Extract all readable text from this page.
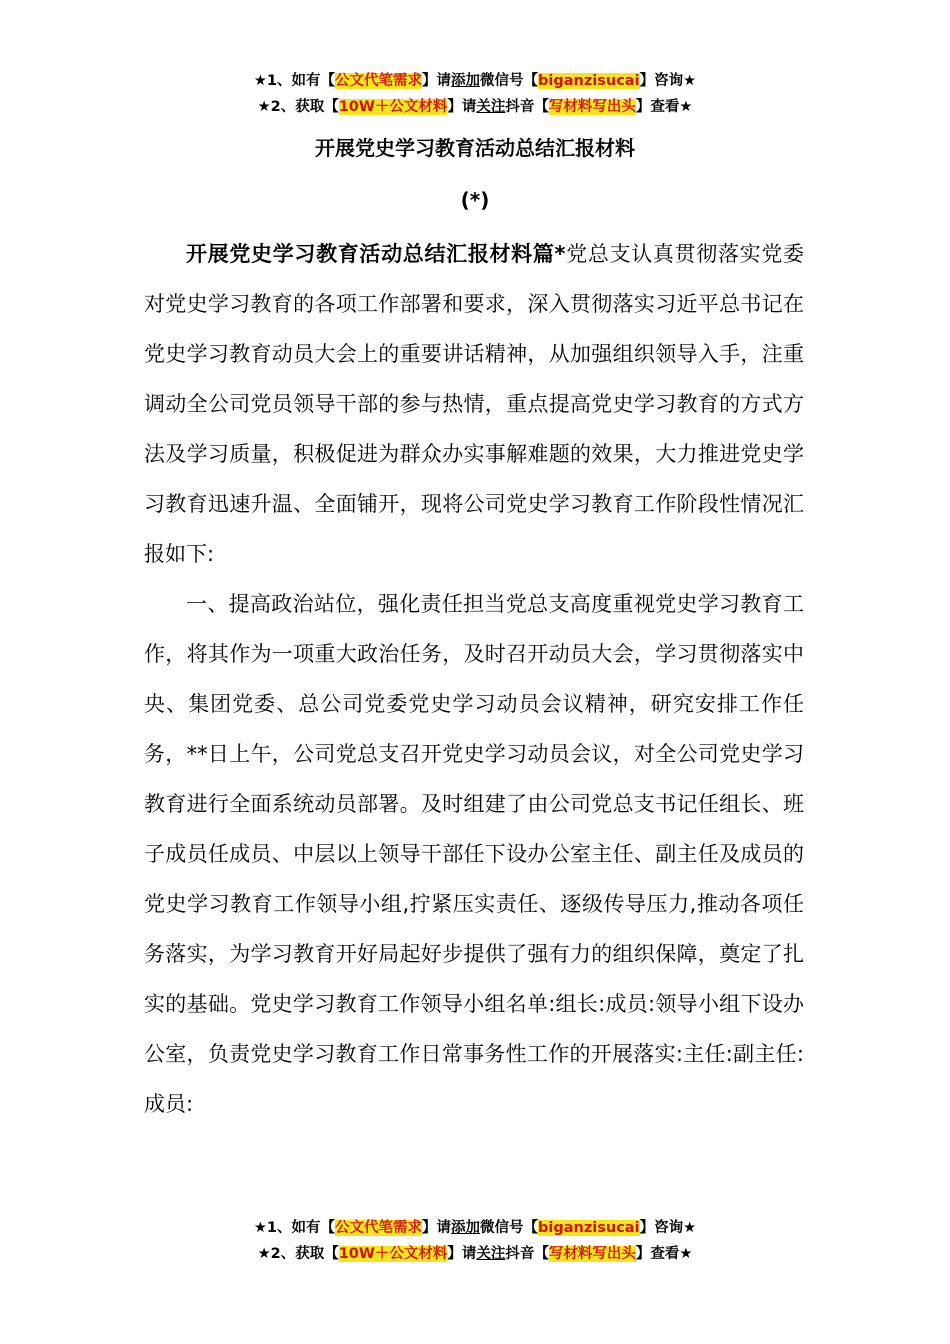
★1、如有【公文代笔需求】请添加微信号【biganzisucai】咨询★
★2、获取【10W＋公文材料】请关注抖音【写材料写出头】查看★
开展党史学习教育活动总结汇报材料
(*)

开展党史学习教育活动总结汇报材料篇*党总支认真贯彻落实党委对党史学习教育的各项工作部署和要求，深入贯彻落实习近平总书记在党史学习教育动员大会上的重要讲话精神，从加强组织领导入手，注重调动全公司党员领导干部的参与热情，重点提高党史学习教育的方式方法及学习质量，积极促进为群众办实事解难题的效果，大力推进党史学习教育迅速升温、全面铺开，现将公司党史学习教育工作阶段性情况汇报如下:

一、提高政治站位，强化责任担当党总支高度重视党史学习教育工作，将其作为一项重大政治任务，及时召开动员大会，学习贯彻落实中央、集团党委、总公司党委党史学习动员会议精神，研究安排工作任务，**日上午，公司党总支召开党史学习动员会议，对全公司党史学习教育进行全面系统动员部署。及时组建了由公司党总支书记任组长、班子成员任成员、中层以上领导干部任下设办公室主任、副主任及成员的党史学习教育工作领导小组,拧紧压实责任、逐级传导压力,推动各项任务落实，为学习教育开好局起好步提供了强有力的组织保障，奠定了扎实的基础。党史学习教育工作领导小组名单:组长:成员:领导小组下设办公室，负责党史学习教育工作日常事务性工作的开展落实:主任:副主任:成员:

★1、如有【公文代笔需求】请添加微信号【biganzisucai】咨询★
★2、获取【10W＋公文材料】请关注抖音【写材料写出头】查看★
